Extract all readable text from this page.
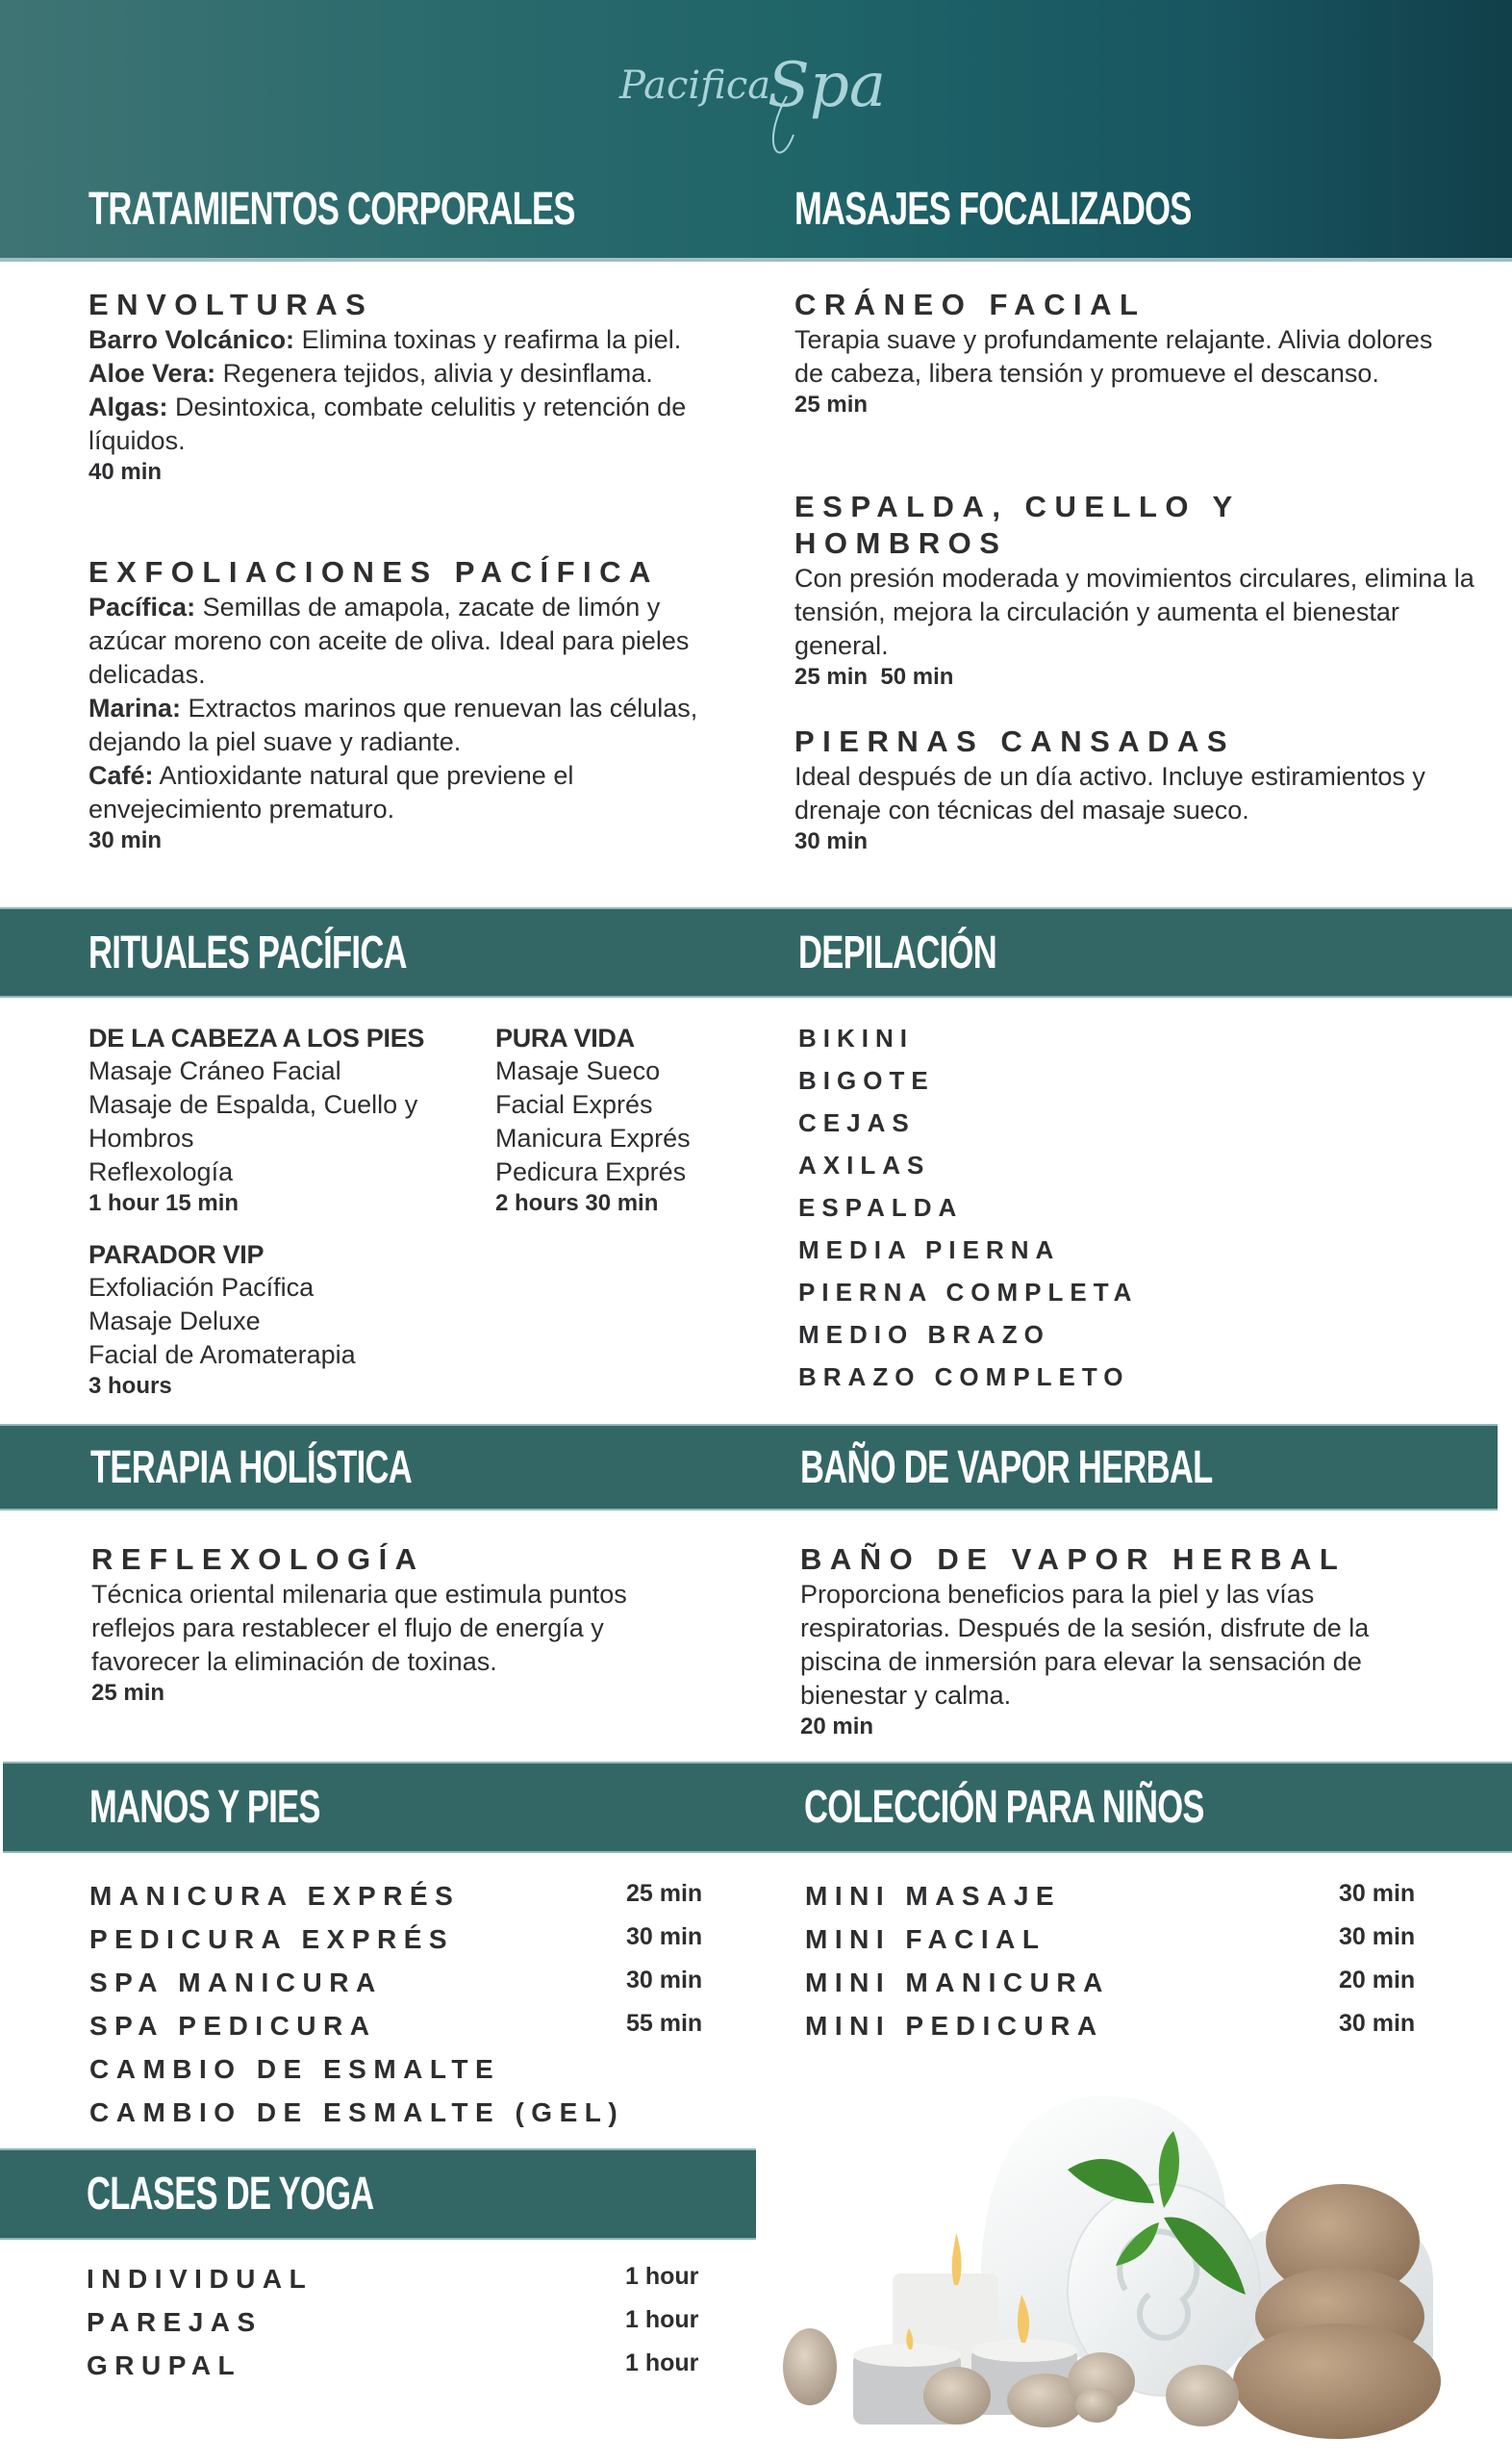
Pacifica
Spa
TRATAMIENTOS CORPORALES	MASAJES FOCALIZADOS
ENVOLTURAS
Barro Volcánico: Elimina toxinas y reafirma la piel.
Aloe Vera: Regenera tejidos, alivia y desinflama.
Algas: Desintoxica, combate celulitis y retención de líquidos.
40 min
EXFOLIACIONES PACÍFICA
Pacífica: Semillas de amapola, zacate de limón y azúcar moreno con aceite de oliva. Ideal para pieles delicadas.
Marina: Extractos marinos que renuevan las células, dejando la piel suave y radiante.
Café: Antioxidante natural que previene el envejecimiento prematuro.
30 min
CRÁNEO FACIAL
Terapia suave y profundamente relajante. Alivia dolores de cabeza, libera tensión y promueve el descanso.
25 min
ESPALDA, CUELLO Y HOMBROS
Con presión moderada y movimientos circulares, elimina la tensión, mejora la circulación y aumenta el bienestar general.
25 min  50 min
PIERNAS CANSADAS
Ideal después de un día activo. Incluye estiramientos y drenaje con técnicas del masaje sueco.
30 min
RITUALES PACÍFICA	DEPILACIÓN
DE LA CABEZA A LOS PIES
Masaje Cráneo Facial
Masaje de Espalda, Cuello y Hombros
Reflexología
1 hour 15 min
PURA VIDA
Masaje Sueco
Facial Exprés
Manicura Exprés
Pedicura Exprés
2 hours 30 min
PARADOR VIP
Exfoliación Pacífica
Masaje Deluxe
Facial de Aromaterapia
3 hours
BIKINI
BIGOTE
CEJAS
AXILAS
ESPALDA
MEDIA PIERNA
PIERNA COMPLETA
MEDIO BRAZO
BRAZO COMPLETO
TERAPIA HOLÍSTICA	BAÑO DE VAPOR HERBAL
REFLEXOLOGÍA
Técnica oriental milenaria que estimula puntos reflejos para restablecer el flujo de energía y favorecer la eliminación de toxinas.
25 min
BAÑO DE VAPOR HERBAL
Proporciona beneficios para la piel y las vías respiratorias. Después de la sesión, disfrute de la piscina de inmersión para elevar la sensación de bienestar y calma.
20 min
MANOS Y PIES	COLECCIÓN PARA NIÑOS
MANICURA EXPRÉS	25 min
PEDICURA EXPRÉS	30 min
SPA MANICURA	30 min
SPA PEDICURA	55 min
CAMBIO DE ESMALTE
CAMBIO DE ESMALTE (GEL)
MINI MASAJE	30 min
MINI FACIAL	30 min
MINI MANICURA	20 min
MINI PEDICURA	30 min
CLASES DE YOGA
INDIVIDUAL	1 hour
PAREJAS	1 hour
GRUPAL	1 hour
